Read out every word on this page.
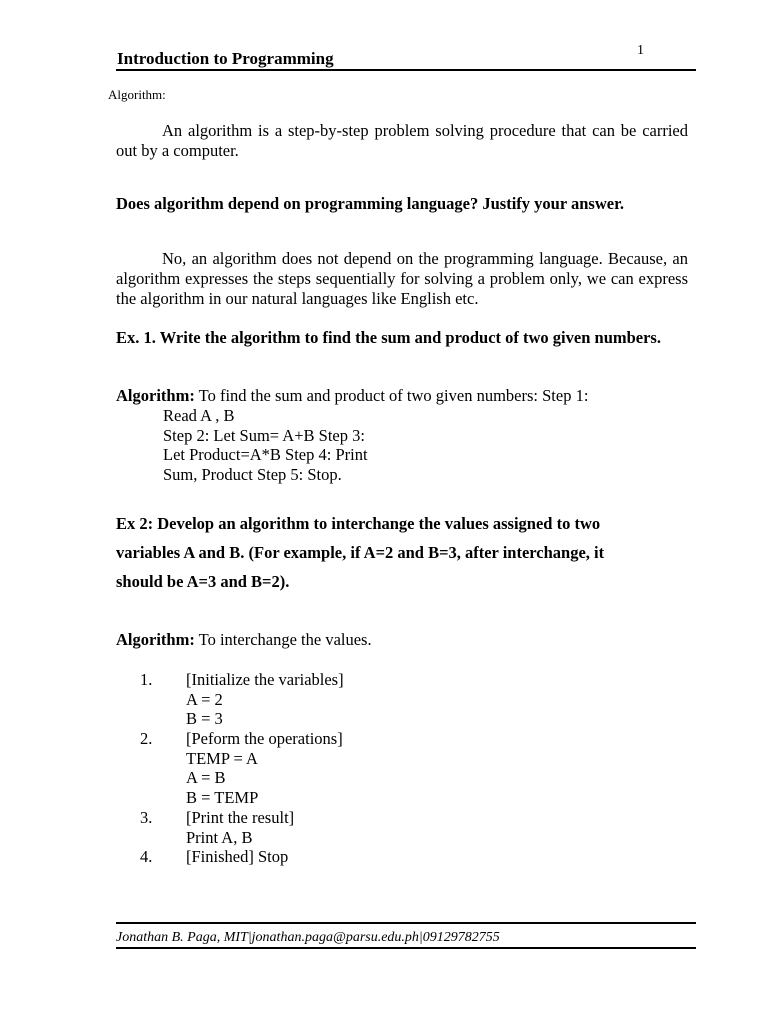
Introduction to Programming	1
Algorithm:
An algorithm is a step-by-step problem solving procedure that can be carried out by a computer.
Does algorithm depend on programming language? Justify your answer.
No, an algorithm does not depend on the programming language. Because, an algorithm expresses the steps sequentially for solving a problem only, we can express the algorithm in our natural languages like English etc.
Ex. 1. Write the algorithm to find the sum and product of two given numbers.
Algorithm: To find the sum and product of two given numbers: Step 1:
Read A , B
Step 2: Let Sum= A+B Step 3:
Let Product=A*B Step 4: Print
Sum, Product Step 5: Stop.
Ex 2: Develop an algorithm to interchange the values assigned to two
variables A and B. (For example, if A=2 and B=3, after interchange, it
should be A=3 and B=2).
Algorithm: To interchange the values.
1. [Initialize the variables]
A = 2
B = 3
2. [Peform the operations]
TEMP = A
A = B
B = TEMP
3. [Print the result]
Print A, B
4. [Finished] Stop
Jonathan B. Paga, MIT|jonathan.paga@parsu.edu.ph|09129782755
